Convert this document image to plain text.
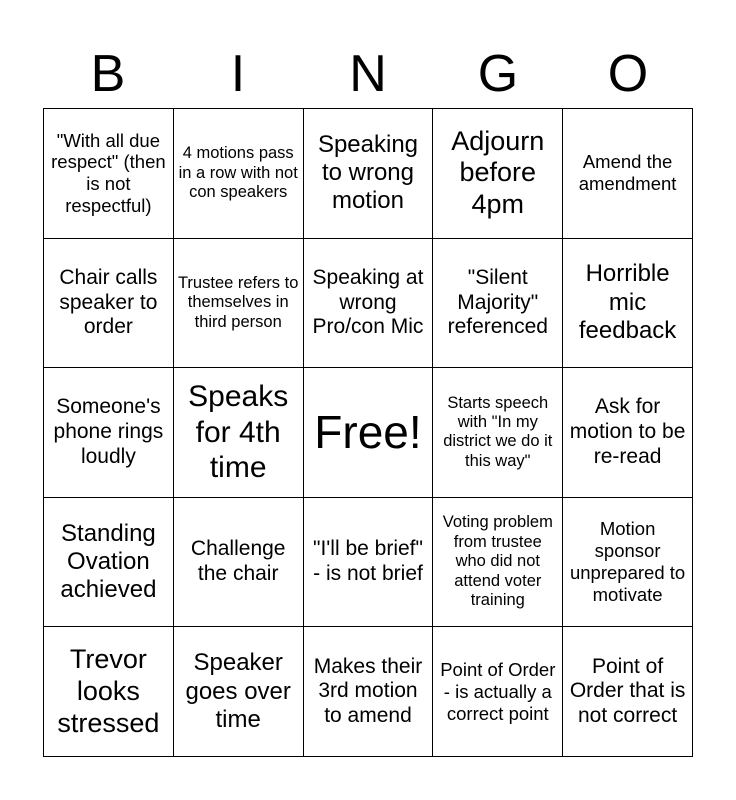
B	I	N	G	O
"With all due respect" (then is not respectful)
4 motions pass in a row with not con speakers
Speaking to wrong motion
Adjourn before 4pm
Amend the amendment
Chair calls speaker to order
Trustee refers to themselves in third person
Speaking at wrong Pro/con Mic
"Silent Majority" referenced
Horrible mic feedback
Someone's phone rings loudly
Speaks for 4th time
Free!
Starts speech with "In my district we do it this way"
Ask for motion to be re-read
Standing Ovation achieved
Challenge the chair
"I'll be brief"
- is not brief
Voting problem from trustee who did not attend voter training
Motion sponsor unprepared to motivate
Trevor looks stressed
Speaker goes over time
Makes their 3rd motion to amend
Point of Order - is actually a correct point
Point of Order that is not correct
